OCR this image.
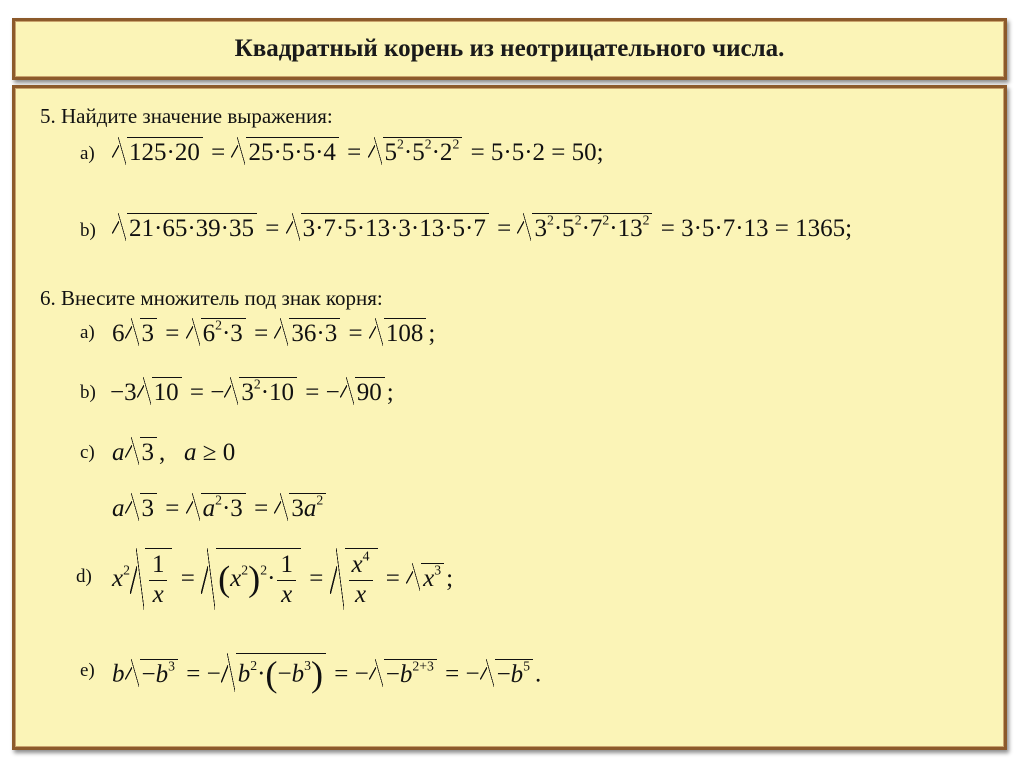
Квадратный корень из неотрицательного числа.
5. Найдите значение выражения:
a)	$125\cdot 20 = 25\cdot 5\cdot 5\cdot 4 = 5^2\cdot 5^2\cdot 2^2 = 5\cdot 5\cdot 2 = 50$;
b)	$21\cdot 65\cdot 39\cdot 35 = 3\cdot 7\cdot 5\cdot 13\cdot 3\cdot 13\cdot 5\cdot 7 = 3^2\cdot 5^2\cdot 7^2\cdot 13^2 = 3\cdot 5\cdot 7\cdot 13 = 1365$;
6. Внесите множитель под знак корня:
a) 6 $3 = 6^2\cdot 3 = 36\cdot 3 = 108$ ;
b) −3 10 = − $3^2\cdot 10$ = − 90 ;
c) a 3 ,   a ≥ 0
a $3 = a^2\cdot 3 = 3a^2$
d) $x^2 \frac{1}{x} = (x^2)^2\cdot \frac{1}{x} = \frac{x^4}{x} = x^3$ ;
e) $b -b^3$ = − $b^2\cdot(-b^3)$ = − $-b^{2+3}$ = − $-b^5$ .
